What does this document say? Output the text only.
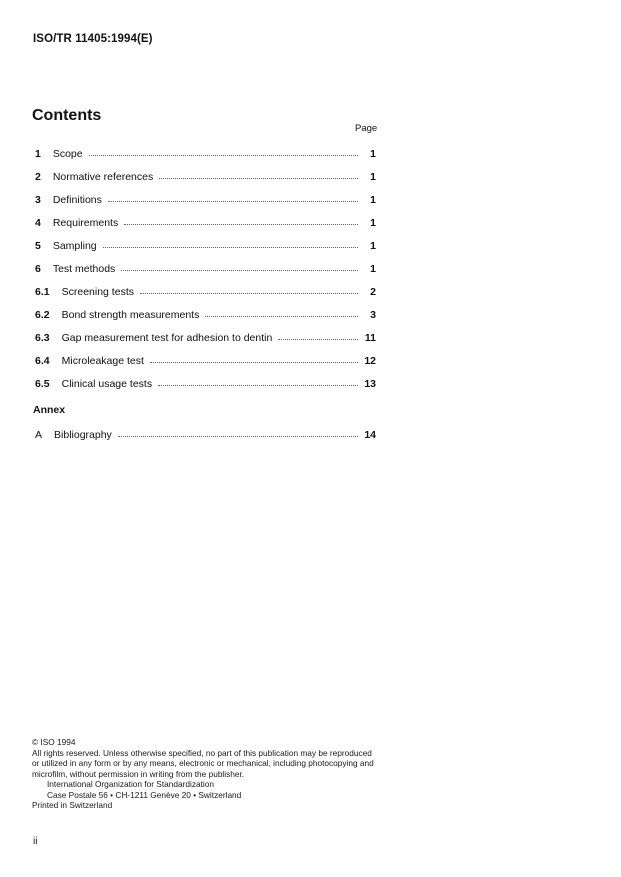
ISO/TR 11405:1994(E)
Contents
Page
1 Scope	1
2 Normative references	1
3 Definitions	1
4 Requirements	1
5 Sampling	1
6 Test methods	1
6.1 Screening tests	2
6.2 Bond strength measurements	3
6.3 Gap measurement test for adhesion to dentin	11
6.4 Microleakage test	12
6.5 Clinical usage tests	13
Annex
A Bibliography	14
© ISO 1994
All rights reserved. Unless otherwise specified, no part of this publication may be reproduced
or utilized in any form or by any means, electronic or mechanical, including photocopying and
microfilm, without permission in writing from the publisher.
International Organization for Standardization
Case Postale 56 • CH-1211 Genève 20 • Switzerland
Printed in Switzerland
ii
